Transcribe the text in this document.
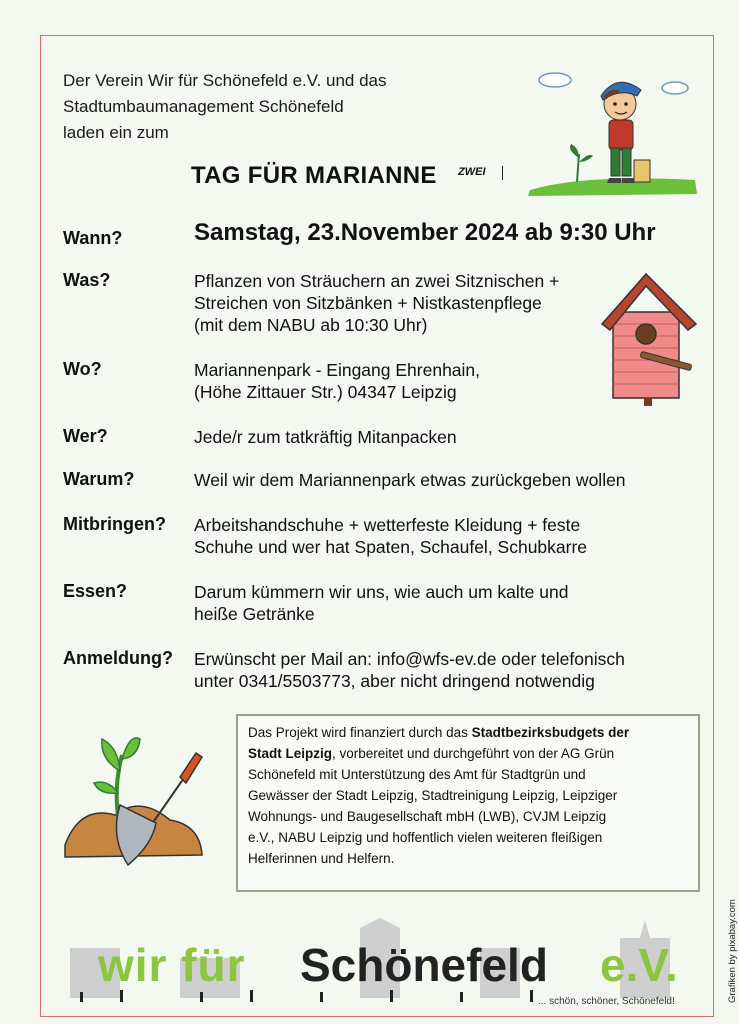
Der Verein Wir für Schönefeld e.V. und das
Stadtumbaumanagement Schönefeld
laden ein zum
TAG FÜR MARIANNE ZWEI
Wann?	Samstag, 23.November 2024 ab 9:30 Uhr
Was?	Pflanzen von Sträuchern an zwei Sitznischen +
Streichen von Sitzbänken + Nistkastenpflege
(mit dem NABU ab 10:30 Uhr)
Wo?	Mariannenpark - Eingang Ehrenhain,
(Höhe Zittauer Str.) 04347 Leipzig
Wer?	Jede/r zum tatkräftig Mitanpacken
Warum?	Weil wir dem Mariannenpark etwas zurückgeben wollen
Mitbringen? Arbeitshandschuhe + wetterfeste Kleidung + feste
Schuhe und wer hat Spaten, Schaufel, Schubkarre
Essen?	Darum kümmern wir uns, wie auch um kalte und
heiße Getränke
Anmeldung? Erwünscht per Mail an: info@wfs-ev.de oder telefonisch
unter 0341/5503773, aber nicht dringend notwendig
Das Projekt wird finanziert durch das Stadtbezirksbudgets der
Stadt Leipzig, vorbereitet und durchgeführt von der AG Grün
Schönefeld mit Unterstützung des Amt für Stadtgrün und
Gewässer der Stadt Leipzig, Stadtreinigung Leipzig, Leipziger
Wohnungs- und Baugesellschaft mbH (LWB), CVJM Leipzig
e.V., NABU Leipzig und hoffentlich vielen weiteren fleißigen
Helferinnen und Helfern.
Grafiken by pixabay.com
wir für Schönefeld e.V.
... schön, schöner, Schönefeld!
